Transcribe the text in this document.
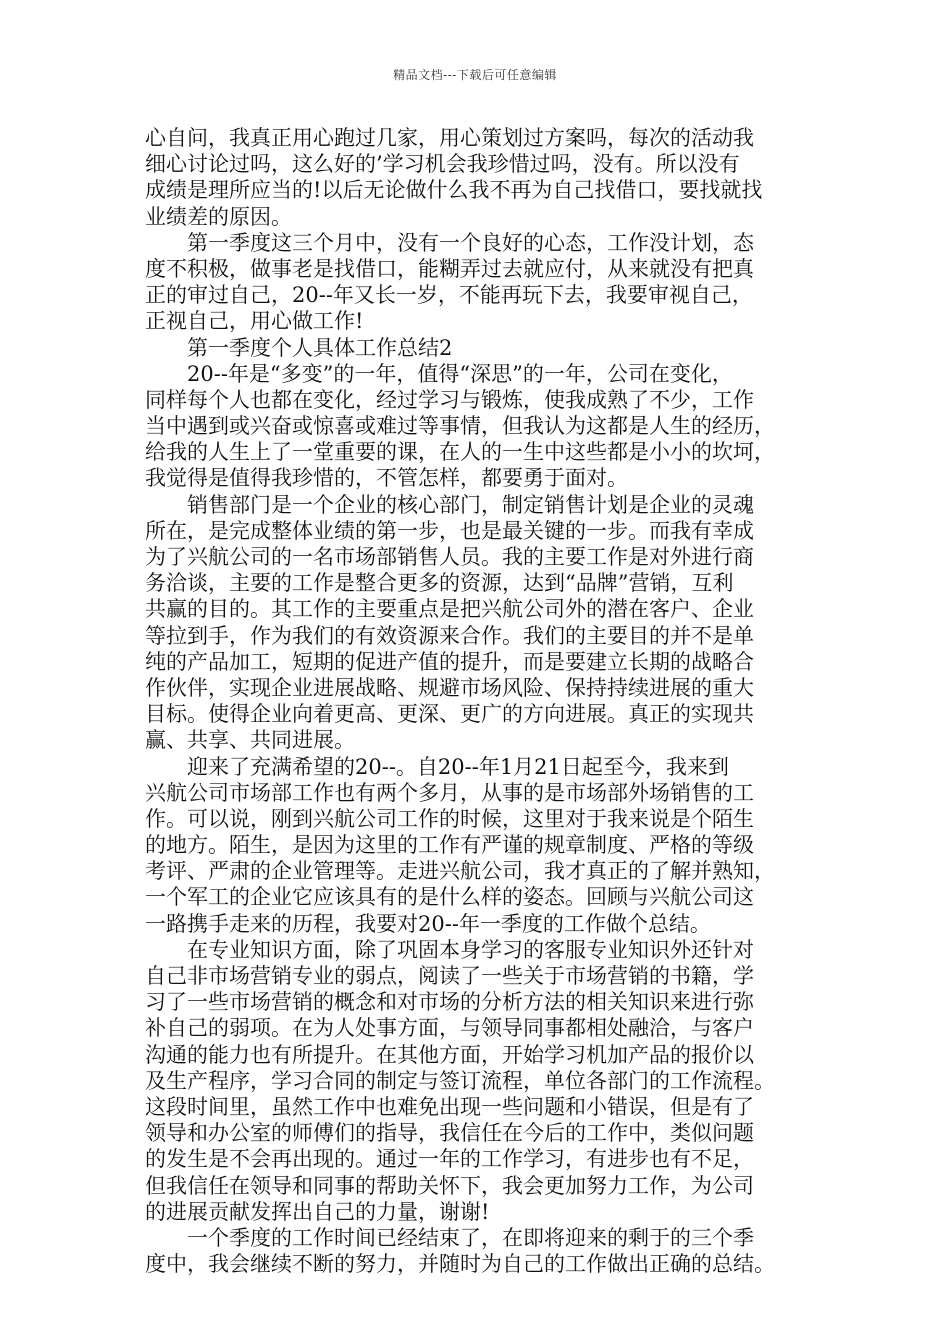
精品文档---下载后可任意编辑
心自问，我真正用心跑过几家，用心策划过方案吗，每次的活动我
细心讨论过吗，这么好的’学习机会我珍惜过吗，没有。所以没有
成绩是理所应当的!以后无论做什么我不再为自己找借口，要找就找
业绩差的原因。
　　第一季度这三个月中，没有一个良好的心态，工作没计划，态
度不积极，做事老是找借口，能糊弄过去就应付，从来就没有把真
正的审过自己，20--年又长一岁，不能再玩下去，我要审视自己，
正视自己，用心做工作!
　　第一季度个人具体工作总结2
　　20--年是“多变”的一年，值得“深思”的一年，公司在变化，
同样每个人也都在变化，经过学习与锻炼，使我成熟了不少，工作
当中遇到或兴奋或惊喜或难过等事情，但我认为这都是人生的经历，
给我的人生上了一堂重要的课，在人的一生中这些都是小小的坎坷，
我觉得是值得我珍惜的，不管怎样，都要勇于面对。
　　销售部门是一个企业的核心部门，制定销售计划是企业的灵魂
所在，是完成整体业绩的第一步，也是最关键的一步。而我有幸成
为了兴航公司的一名市场部销售人员。我的主要工作是对外进行商
务洽谈，主要的工作是整合更多的资源，达到“品牌”营销，互利
共赢的目的。其工作的主要重点是把兴航公司外的潜在客户、企业
等拉到手，作为我们的有效资源来合作。我们的主要目的并不是单
纯的产品加工，短期的促进产值的提升，而是要建立长期的战略合
作伙伴，实现企业进展战略、规避市场风险、保持持续进展的重大
目标。使得企业向着更高、更深、更广的方向进展。真正的实现共
赢、共享、共同进展。
　　迎来了充满希望的20--。自20--年1月21日起至今，我来到
兴航公司市场部工作也有两个多月，从事的是市场部外场销售的工
作。可以说，刚到兴航公司工作的时候，这里对于我来说是个陌生
的地方。陌生，是因为这里的工作有严谨的规章制度、严格的等级
考评、严肃的企业管理等。走进兴航公司，我才真正的了解并熟知，
一个军工的企业它应该具有的是什么样的姿态。回顾与兴航公司这
一路携手走来的历程，我要对20--年一季度的工作做个总结。
　　在专业知识方面，除了巩固本身学习的客服专业知识外还针对
自己非市场营销专业的弱点，阅读了一些关于市场营销的书籍，学
习了一些市场营销的概念和对市场的分析方法的相关知识来进行弥
补自己的弱项。在为人处事方面，与领导同事都相处融洽，与客户
沟通的能力也有所提升。在其他方面，开始学习机加产品的报价以
及生产程序，学习合同的制定与签订流程，单位各部门的工作流程。
这段时间里，虽然工作中也难免出现一些问题和小错误，但是有了
领导和办公室的师傅们的指导，我信任在今后的工作中，类似问题
的发生是不会再出现的。通过一年的工作学习，有进步也有不足，
但我信任在领导和同事的帮助关怀下，我会更加努力工作，为公司
的进展贡献发挥出自己的力量，谢谢!
　　一个季度的工作时间已经结束了，在即将迎来的剩于的三个季
度中，我会继续不断的努力，并随时为自己的工作做出正确的总结。
